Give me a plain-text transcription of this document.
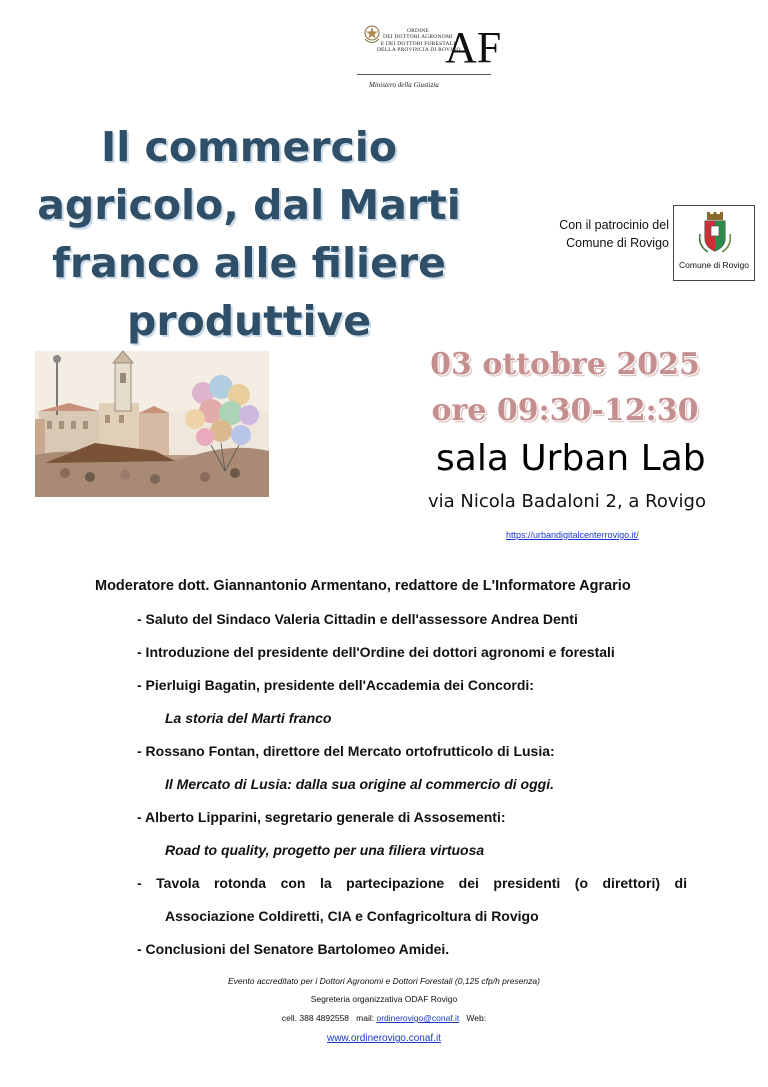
ORDINE
DEI DOTTORI AGRONOMI
E DEI DOTTORI FORESTALI
DELLA PROVINCIA DI ROVIGO
AF
Ministero della Giustizia
Il commercio
agricolo, dal Marti
franco alle filiere
produttive
Con il patrocinio del
Comune di Rovigo
Comune di Rovigo
03 ottobre 2025
ore 09:30-12:30
sala Urban Lab
via Nicola Badaloni 2, a Rovigo
https://urbandigitalcenterrovigo.it/
Moderatore dott. Giannantonio Armentano, redattore de L'Informatore Agrario
- Saluto del Sindaco Valeria Cittadin e dell'assessore Andrea Denti
- Introduzione del presidente dell'Ordine dei dottori agronomi e forestali
- Pierluigi Bagatin, presidente dell'Accademia dei Concordi:
La storia del Marti franco
- Rossano Fontan, direttore del Mercato ortofrutticolo di Lusia:
Il Mercato di Lusia: dalla sua origine al commercio di oggi.
- Alberto Lipparini, segretario generale di Assosementi:
Road to quality, progetto per una filiera virtuosa
- Tavola rotonda con la partecipazione dei presidenti (o direttori) di
Associazione Coldiretti, CIA e Confagricoltura di Rovigo
- Conclusioni del Senatore Bartolomeo Amidei.
Evento accreditato per i Dottori Agronomi e Dottori Forestali (0,125 cfp/h presenza)
Segreteria organizzativa ODAF Rovigo
cell. 388 4892558 mail: ordinerovigo@conaf.it Web:
www.ordinerovigo.conaf.it
